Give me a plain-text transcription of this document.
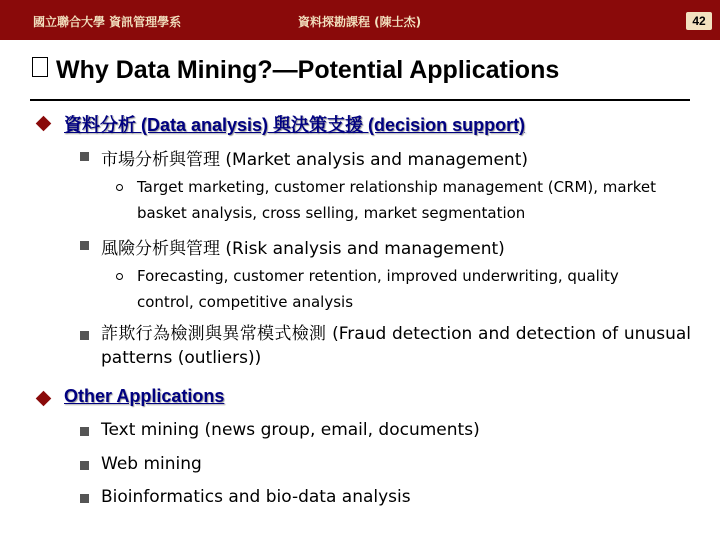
國立聯合大學 資訊管理學系	資料探勘課程 (陳士杰)	42
Why Data Mining?—Potential Applications
資料分析 (Data analysis) 與決策支援 (decision support)
市場分析與管理 (Market analysis and management)
Target marketing, customer relationship management (CRM), market basket analysis, cross selling, market segmentation
風險分析與管理 (Risk analysis and management)
Forecasting, customer retention, improved underwriting, quality control, competitive analysis
詐欺行為檢測與異常模式檢測 (Fraud detection and detection of unusual patterns (outliers))
Other Applications
Text mining (news group, email, documents)
Web mining
Bioinformatics and bio-data analysis
